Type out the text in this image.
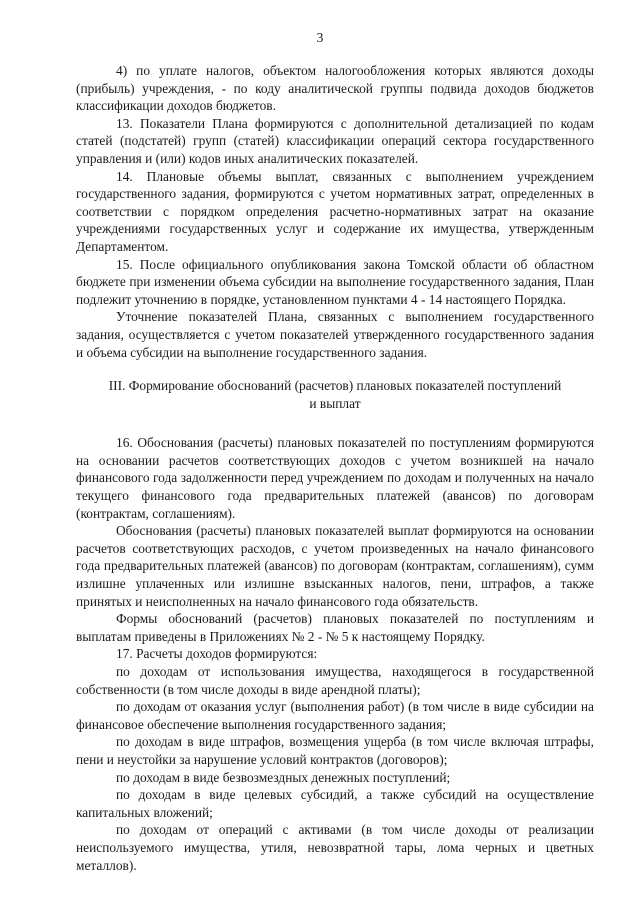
3

4) по уплате налогов, объектом налогообложения которых являются доходы (прибыль) учреждения, - по коду аналитической группы подвида доходов бюджетов классификации доходов бюджетов.

13. Показатели Плана формируются с дополнительной детализацией по кодам статей (подстатей) групп (статей) классификации операций сектора государственного управления и (или) кодов иных аналитических показателей.

14. Плановые объемы выплат, связанных с выполнением учреждением государственного задания, формируются с учетом нормативных затрат, определенных в соответствии с порядком определения расчетно-нормативных затрат на оказание учреждениями государственных услуг и содержание их имущества, утвержденным Департаментом.

15. После официального опубликования закона Томской области об областном бюджете при изменении объема субсидии на выполнение государственного задания, План подлежит уточнению в порядке, установленном пунктами 4 - 14 настоящего Порядка.

Уточнение показателей Плана, связанных с выполнением государственного задания, осуществляется с учетом показателей утвержденного государственного задания и объема субсидии на выполнение государственного задания.

III. Формирование обоснований (расчетов) плановых показателей поступлений и выплат

16. Обоснования (расчеты) плановых показателей по поступлениям формируются на основании расчетов соответствующих доходов с учетом возникшей на начало финансового года задолженности перед учреждением по доходам и полученных на начало текущего финансового года предварительных платежей (авансов) по договорам (контрактам, соглашениям).

Обоснования (расчеты) плановых показателей выплат формируются на основании расчетов соответствующих расходов, с учетом произведенных на начало финансового года предварительных платежей (авансов) по договорам (контрактам, соглашениям), сумм излишне уплаченных или излишне взысканных налогов, пени, штрафов, а также принятых и неисполненных на начало финансового года обязательств.

Формы обоснований (расчетов) плановых показателей по поступлениям и выплатам приведены в Приложениях № 2 - № 5 к настоящему Порядку.

17. Расчеты доходов формируются:

по доходам от использования имущества, находящегося в государственной собственности (в том числе доходы в виде арендной платы);

по доходам от оказания услуг (выполнения работ) (в том числе в виде субсидии на финансовое обеспечение выполнения государственного задания;

по доходам в виде штрафов, возмещения ущерба (в том числе включая штрафы, пени и неустойки за нарушение условий контрактов (договоров);

по доходам в виде безвозмездных денежных поступлений;

по доходам в виде целевых субсидий, а также субсидий на осуществление капитальных вложений;

по доходам от операций с активами (в том числе доходы от реализации неиспользуемого имущества, утиля, невозвратной тары, лома черных и цветных металлов).
